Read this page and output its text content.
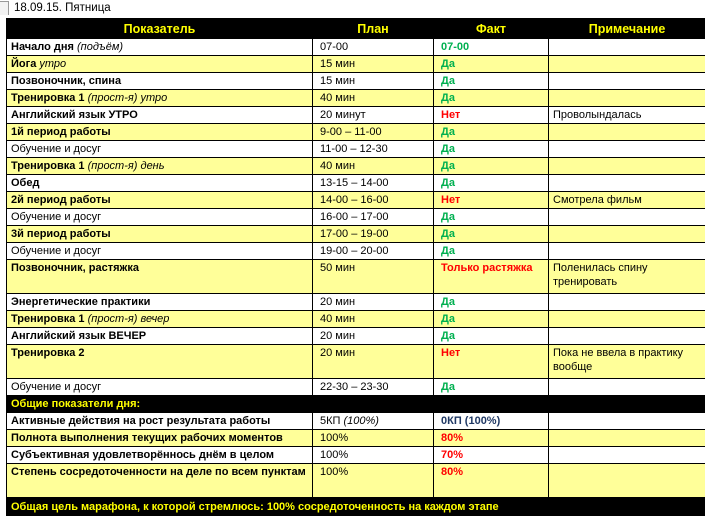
18.09.15. Пятница
Показатель	План	Факт	Примечание
Начало дня (подъём)	07-00	07-00	
Йога утро	15 мин	Да	
Позвоночник, спина	15 мин	Да	
Тренировка 1 (прост-я) утро	40 мин	Да	
Английский язык УТРО	20 минут	Нет	Проволындалась
1й период работы	9-00 – 11-00	Да	
Обучение и досуг	11-00 – 12-30	Да	
Тренировка 1 (прост-я) день	40 мин	Да	
Обед	13-15 – 14-00	Да	
2й период работы	14-00 – 16-00	Нет	Смотрела фильм
Обучение и досуг	16-00 – 17-00	Да	
3й период работы	17-00 – 19-00	Да	
Обучение и досуг	19-00 – 20-00	Да	
Позвоночник, растяжка	50 мин	Только растяжка	Поленилась спину тренировать
Энергетические практики	20 мин	Да	
Тренировка 1 (прост-я) вечер	40 мин	Да	
Английский язык ВЕЧЕР	20 мин	Да	
Тренировка 2	20 мин	Нет	Пока не ввела в практику вообще
Обучение и досуг	22-30 – 23-30	Да	
Общие показатели дня:			
Активные действия на рост результата работы	5КП (100%)	0КП (100%)	
Полнота выполнения текущих рабочих моментов	100%	80%	
Субъективная удовлетворённось днём в целом	100%	70%	
Степень сосредоточенности на деле по всем пунктам	100%	80%	
Общая цель марафона, к которой стремлюсь: 100% сосредоточенность на каждом этапе			
